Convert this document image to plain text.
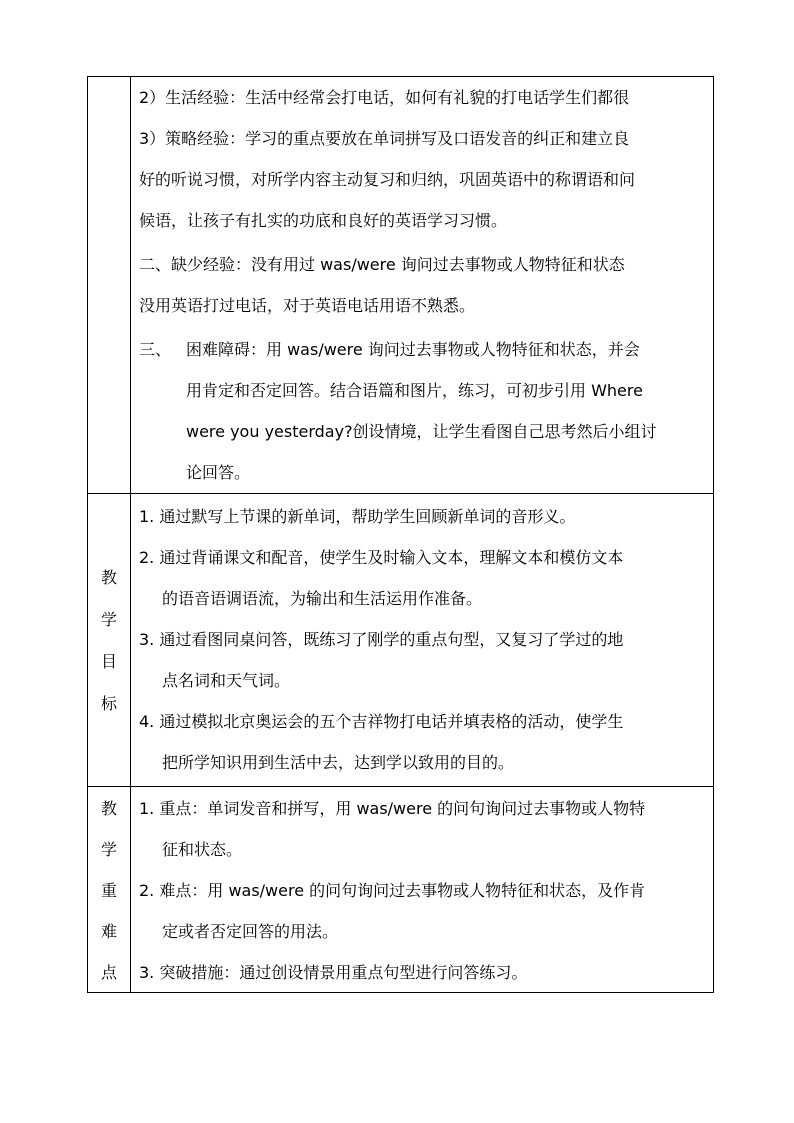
2）生活经验：生活中经常会打电话，如何有礼貌的打电话学生们都很
3）策略经验：学习的重点要放在单词拼写及口语发音的纠正和建立良
好的听说习惯，对所学内容主动复习和归纳，巩固英语中的称谓语和问
候语，让孩子有扎实的功底和良好的英语学习习惯。
二、缺少经验：没有用过 was/were 询问过去事物或人物特征和状态
没用英语打过电话，对于英语电话用语不熟悉。
三、 困难障碍：用 was/were 询问过去事物或人物特征和状态，并会
用肯定和否定回答。结合语篇和图片，练习，可初步引用 Where
were you yesterday?创设情境，让学生看图自己思考然后小组讨
论回答。
教
学
目
标
1. 通过默写上节课的新单词，帮助学生回顾新单词的音形义。
2. 通过背诵课文和配音，使学生及时输入文本，理解文本和模仿文本
的语音语调语流，为输出和生活运用作准备。
3. 通过看图同桌问答，既练习了刚学的重点句型，又复习了学过的地
点名词和天气词。
4. 通过模拟北京奥运会的五个吉祥物打电话并填表格的活动，使学生
把所学知识用到生活中去，达到学以致用的目的。
教
学
重
难
点
1. 重点：单词发音和拼写，用 was/were 的问句询问过去事物或人物特
征和状态。
2. 难点：用 was/were 的问句询问过去事物或人物特征和状态，及作肯
定或者否定回答的用法。
3. 突破措施：通过创设情景用重点句型进行问答练习。
